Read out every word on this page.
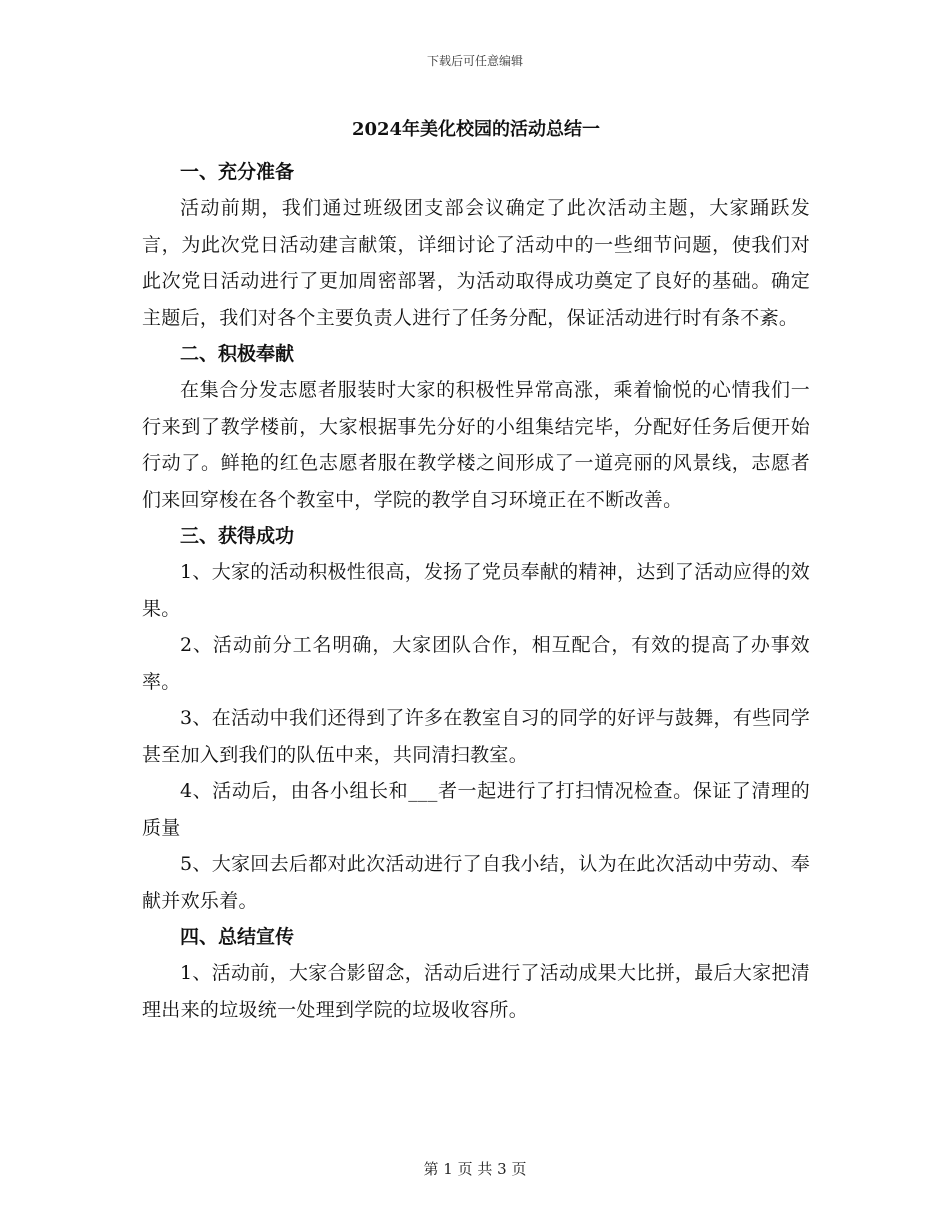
下载后可任意编辑
2024年美化校园的活动总结一
一、充分准备

活动前期，我们通过班级团支部会议确定了此次活动主题，大家踊跃发言，为此次党日活动建言献策，详细讨论了活动中的一些细节问题，使我们对此次党日活动进行了更加周密部署，为活动取得成功奠定了良好的基础。确定主题后，我们对各个主要负责人进行了任务分配，保证活动进行时有条不紊。

二、积极奉献

在集合分发志愿者服装时大家的积极性异常高涨，乘着愉悦的心情我们一行来到了教学楼前，大家根据事先分好的小组集结完毕，分配好任务后便开始行动了。鲜艳的红色志愿者服在教学楼之间形成了一道亮丽的风景线，志愿者们来回穿梭在各个教室中，学院的教学自习环境正在不断改善。

三、获得成功

1、大家的活动积极性很高，发扬了党员奉献的精神，达到了活动应得的效果。

2、活动前分工名明确，大家团队合作，相互配合，有效的提高了办事效率。

3、在活动中我们还得到了许多在教室自习的同学的好评与鼓舞，有些同学甚至加入到我们的队伍中来，共同清扫教室。

4、活动后，由各小组长和___者一起进行了打扫情况检查。保证了清理的质量

5、大家回去后都对此次活动进行了自我小结，认为在此次活动中劳动、奉献并欢乐着。

四、总结宣传

1、活动前，大家合影留念，活动后进行了活动成果大比拼，最后大家把清理出来的垃圾统一处理到学院的垃圾收容所。

第 1 页 共 3 页
